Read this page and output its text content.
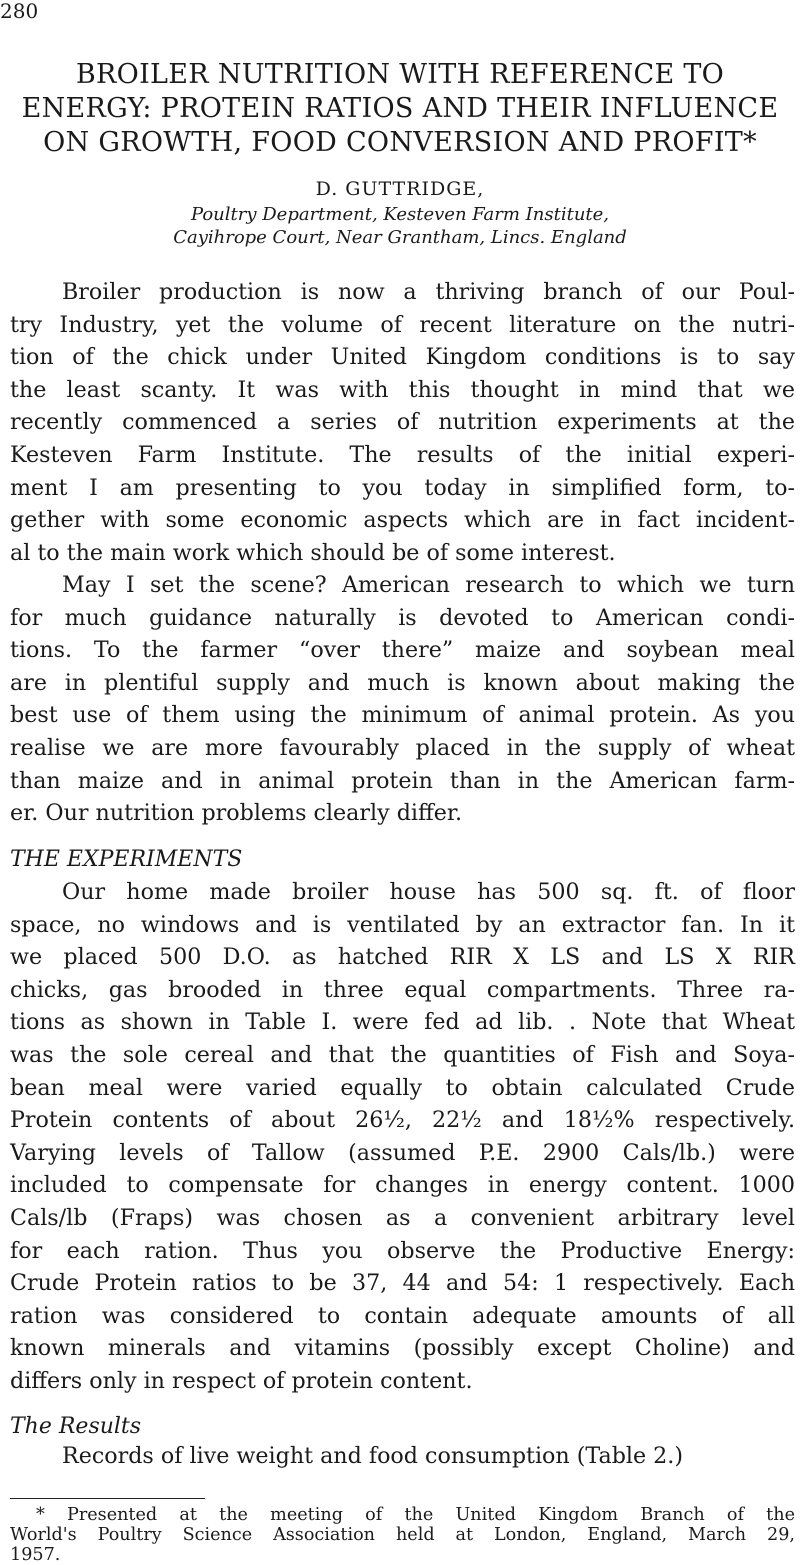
280
BROILER NUTRITION WITH REFERENCE TO
ENERGY: PROTEIN RATIOS AND THEIR INFLUENCE
ON GROWTH, FOOD CONVERSION AND PROFIT*
D. GUTTRIDGE,
Poultry Department, Kesteven Farm Institute,
Cayihrope Court, Near Grantham, Lincs. England
Broiler production is now a thriving branch of our Poul-
try Industry, yet the volume of recent literature on the nutri-
tion of the chick under United Kingdom conditions is to say
the least scanty. It was with this thought in mind that we
recently commenced a series of nutrition experiments at the
Kesteven Farm Institute. The results of the initial experi-
ment I am presenting to you today in simplified form, to-
gether with some economic aspects which are in fact incident-
al to the main work which should be of some interest.
May I set the scene? American research to which we turn
for much guidance naturally is devoted to American condi-
tions. To the farmer “over there” maize and soybean meal
are in plentiful supply and much is known about making the
best use of them using the minimum of animal protein. As you
realise we are more favourably placed in the supply of wheat
than maize and in animal protein than in the American farm-
er. Our nutrition problems clearly differ.
THE EXPERIMENTS
Our home made broiler house has 500 sq. ft. of floor
space, no windows and is ventilated by an extractor fan. In it
we placed 500 D.O. as hatched RIR X LS and LS X RIR
chicks, gas brooded in three equal compartments. Three ra-
tions as shown in Table I. were fed ad lib. . Note that Wheat
was the sole cereal and that the quantities of Fish and Soya-
bean meal were varied equally to obtain calculated Crude
Protein contents of about 26½, 22½ and 18½% respectively.
Varying levels of Tallow (assumed P.E. 2900 Cals/lb.) were
included to compensate for changes in energy content. 1000
Cals/lb (Fraps) was chosen as a convenient arbitrary level
for each ration. Thus you observe the Productive Energy:
Crude Protein ratios to be 37, 44 and 54: 1 respectively. Each
ration was considered to contain adequate amounts of all
known minerals and vitamins (possibly except Choline) and
differs only in respect of protein content.
The Results
Records of live weight and food consumption (Table 2.)
* Presented at the meeting of the United Kingdom Branch of the
World's Poultry Science Association held at London, England, March 29,
1957.
